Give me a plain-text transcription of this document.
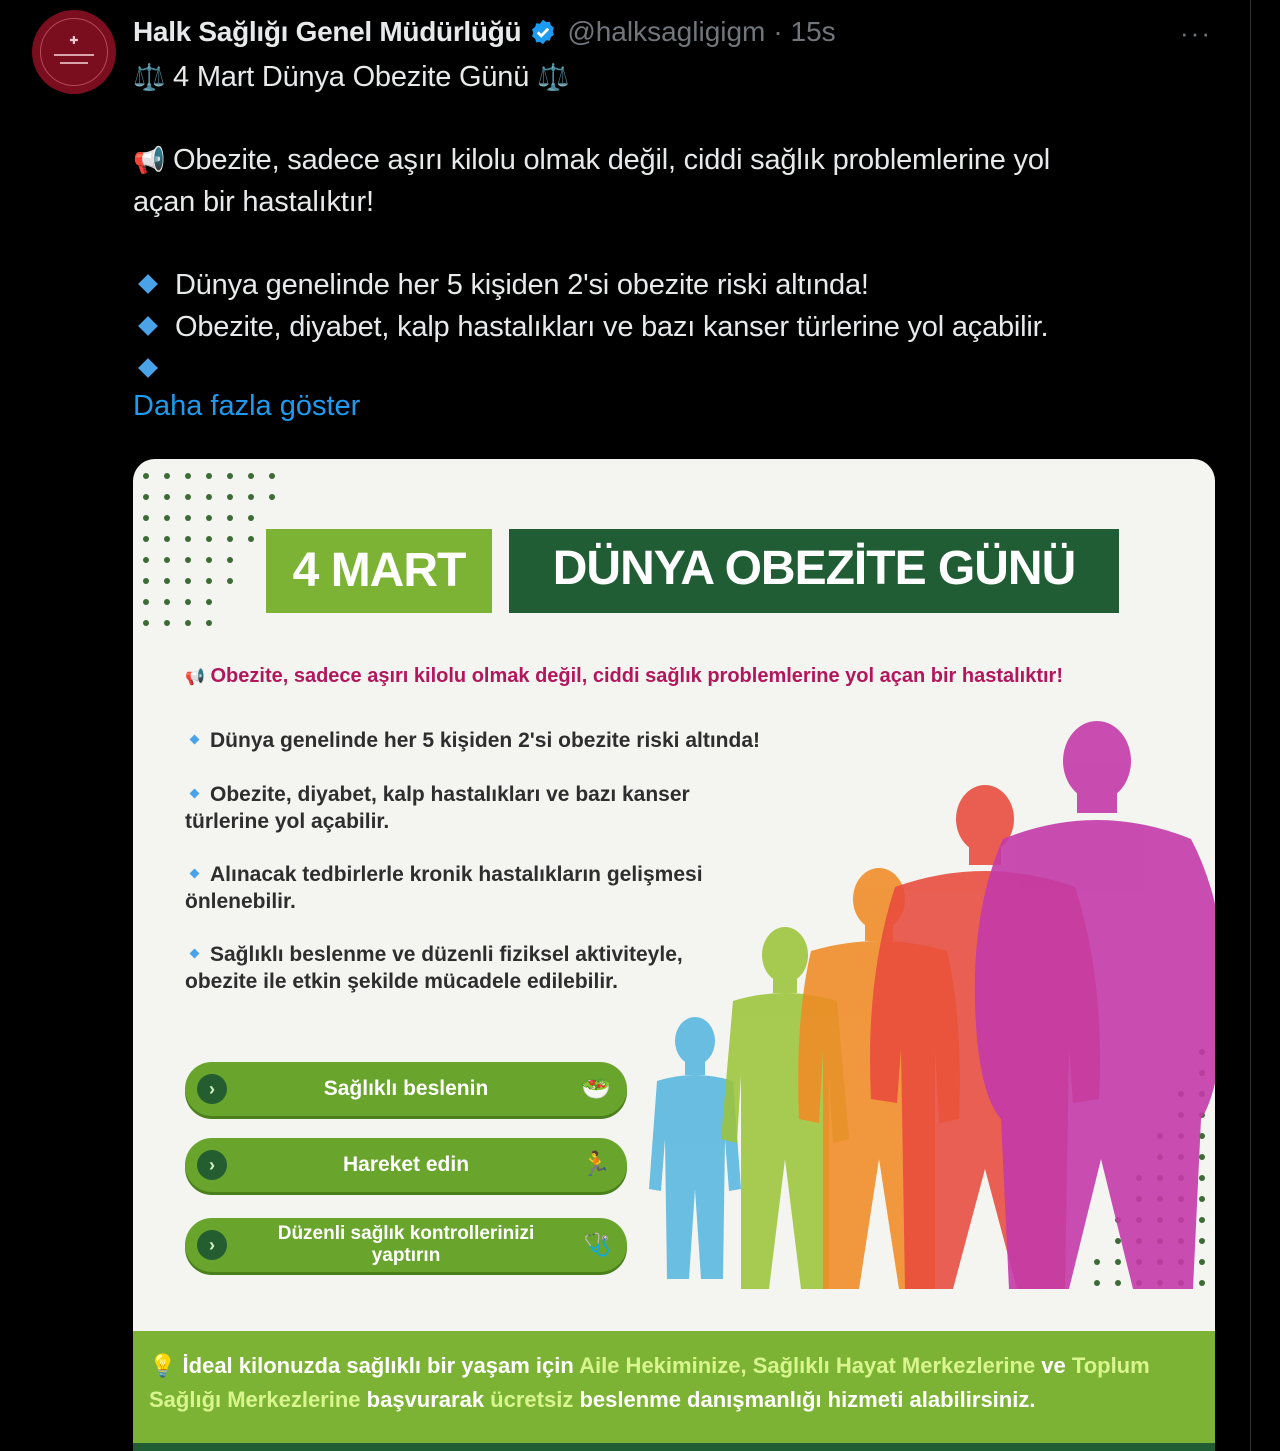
✚	Halk Sağlığı Genel Müdürlüğü @halksagligigm · 15s	···
⚖️ 4 Mart Dünya Obezite Günü ⚖️
📢 Obezite, sadece aşırı kilolu olmak değil, ciddi sağlık problemlerine yol
açan bir hastalıktır!
Dünya genelinde her 5 kişiden 2'si obezite riski altında!
Obezite, diyabet, kalp hastalıkları ve bazı kanser türlerine yol açabilir.
Daha fazla göster
4 MART	DÜNYA OBEZİTE GÜNÜ
📢 Obezite, sadece aşırı kilolu olmak değil, ciddi sağlık problemlerine yol açan bir hastalıktır!
Dünya genelinde her 5 kişiden 2'si obezite riski altında!
Obezite, diyabet, kalp hastalıkları ve bazı kanser
türlerine yol açabilir.
Alınacak tedbirlerle kronik hastalıkların gelişmesi
önlenebilir.
Sağlıklı beslenme ve düzenli fiziksel aktiviteyle,
obezite ile etkin şekilde mücadele edilebilir.
›	Sağlıklı beslenin	🥗
›	Hareket edin	🏃
›
Düzenli sağlık kontrollerinizi yaptırın	🩺
💡 İdeal kilonuzda sağlıklı bir yaşam için Aile Hekiminize, Sağlıklı Hayat Merkezlerine ve Toplum Sağlığı Merkezlerine başvurarak ücretsiz beslenme danışmanlığı hizmeti alabilirsiniz.
